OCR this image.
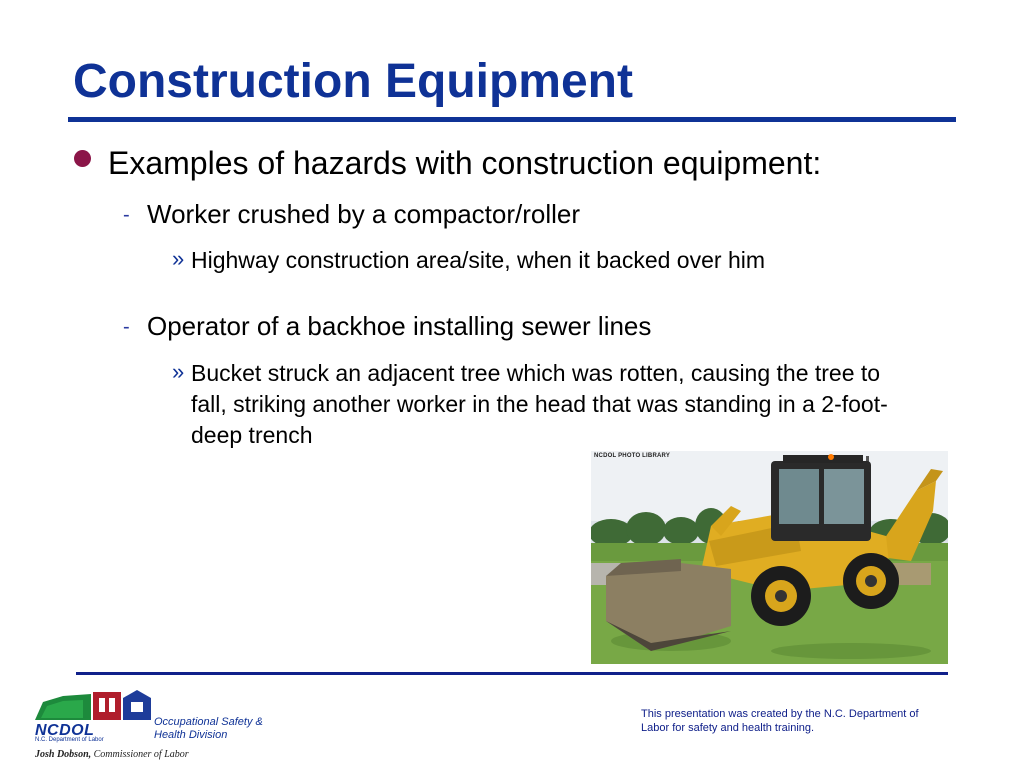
Construction Equipment
Examples of hazards with construction equipment:
- Worker crushed by a compactor/roller
» Highway construction area/site, when it backed over him
- Operator of a backhoe installing sewer lines
» Bucket struck an adjacent tree which was rotten, causing the tree to fall, striking another worker in the head that was standing in a 2-foot-deep trench
NCDOL PHOTO LIBRARY
NCDOL
N.C. Department of Labor
Occupational Safety & Health Division
Josh Dobson, Commissioner of Labor
This presentation was created by the N.C. Department of Labor for safety and health training.
